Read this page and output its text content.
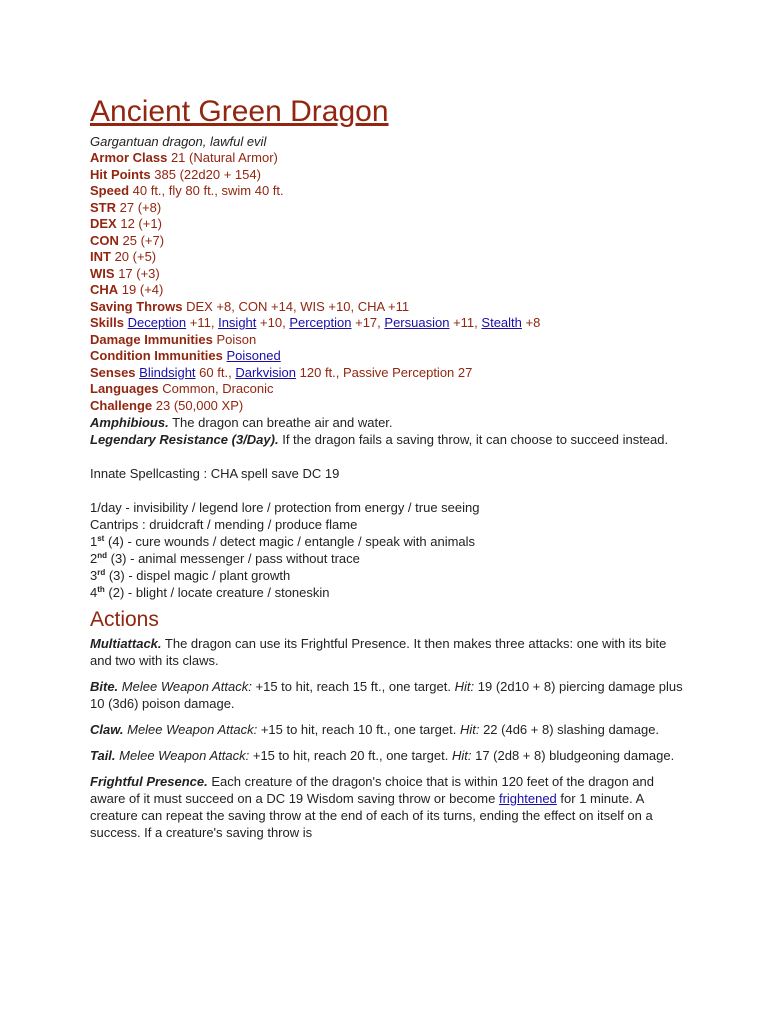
Ancient Green Dragon

Gargantuan dragon, lawful evil

Armor Class 21 (Natural Armor)

Hit Points 385 (22d20 + 154)

Speed 40 ft., fly 80 ft., swim 40 ft.

STR 27 (+8)

DEX 12 (+1)

CON 25 (+7)

INT 20 (+5)

WIS 17 (+3)

CHA 19 (+4)

Saving Throws DEX +8, CON +14, WIS +10, CHA +11

Skills Deception +11, Insight +10, Perception +17, Persuasion +11, Stealth +8

Damage Immunities Poison

Condition Immunities Poisoned

Senses Blindsight 60 ft., Darkvision 120 ft., Passive Perception 27

Languages Common, Draconic

Challenge 23 (50,000 XP)

Amphibious. The dragon can breathe air and water.

Legendary Resistance (3/Day). If the dragon fails a saving throw, it can choose to succeed instead.

Innate Spellcasting : CHA spell save DC 19

1/day - invisibility / legend lore / protection from energy / true seeing

Cantrips : druidcraft / mending / produce flame

1st (4) - cure wounds / detect magic / entangle / speak with animals

2nd (3) - animal messenger / pass without trace

3rd (3) - dispel magic / plant growth

4th (2) - blight / locate creature / stoneskin

Actions

Multiattack. The dragon can use its Frightful Presence. It then makes three attacks: one with its bite and two with its claws.

Bite. Melee Weapon Attack: +15 to hit, reach 15 ft., one target. Hit: 19 (2d10 + 8) piercing damage plus 10 (3d6) poison damage.

Claw. Melee Weapon Attack: +15 to hit, reach 10 ft., one target. Hit: 22 (4d6 + 8) slashing damage.

Tail. Melee Weapon Attack: +15 to hit, reach 20 ft., one target. Hit: 17 (2d8 + 8) bludgeoning damage.

Frightful Presence. Each creature of the dragon's choice that is within 120 feet of the dragon and aware of it must succeed on a DC 19 Wisdom saving throw or become frightened for 1 minute. A creature can repeat the saving throw at the end of each of its turns, ending the effect on itself on a success. If a creature's saving throw is
